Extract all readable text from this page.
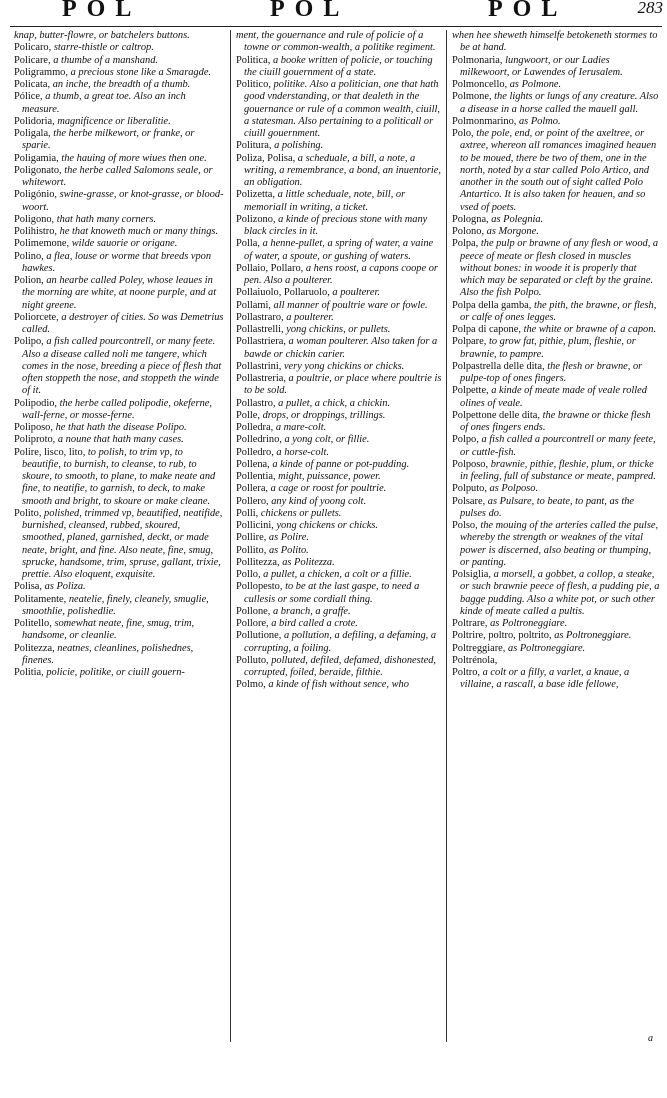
POL	POL	POL	283

knap, butter-flowre, or batchelers buttons.

Policaro, starre-thistle or caltrop.

Policare, a thumbe of a manshand.

Poligrammo, a precious stone like a Smaragde.

Policata, an inche, the breadth of a thumb.

Pólice, a thumb, a great toe. Also an inch measure.

Polidoria, magnificence or liberalitie.

Poligala, the herbe milkewort, or franke, or sparie.

Poligamia, the hauing of more wiues then one.

Poligonato, the herbe called Salomons seale, or whitewort.

Poligónio, swine-grasse, or knot-grasse, or blood-woort.

Poligono, that hath many corners.

Polihistro, he that knoweth much or many things.

Polimemone, wilde sauorie or origane.

Polino, a flea, louse or worme that breeds vpon hawkes.

Polion, an hearbe called Poley, whose leaues in the morning are white, at noone purple, and at night greene.

Poliorcete, a destroyer of cities. So was Demetrius called.

Polipo, a fish called pourcontrell, or many feete. Also a disease called noli me tangere, which comes in the nose, breeding a piece of flesh that often stoppeth the nose, and stoppeth the winde of it.

Polipodio, the herbe called polipodie, okeferne, wall-ferne, or mosse-ferne.

Poliposo, he that hath the disease Polipo.

Poliproto, a noune that hath many cases.

Polire, lisco, lito, to polish, to trim vp, to beautifie, to burnish, to cleanse, to rub, to skoure, to smooth, to plane, to make neate and fine, to neatifie, to garnish, to deck, to make smooth and bright, to skoure or make cleane.

Polito, polished, trimmed vp, beautified, neatifide, burnished, cleansed, rubbed, skoured, smoothed, planed, garnished, deckt, or made neate, bright, and fine. Also neate, fine, smug, sprucke, handsome, trim, spruse, gallant, trixie, prettie. Also eloquent, exquisite.

Polisa, as Poliza.

Politamente, neatelie, finely, cleanely, smuglie, smoothlie, polishedlie.

Politello, somewhat neate, fine, smug, trim, handsome, or cleanlie.

Politezza, neatnes, cleanlines, polishednes, finenes.

Politia, policie, politike, or ciuill gouern-

ment, the gouernance and rule of policie of a towne or common-wealth, a politike regiment.

Politica, a booke written of policie, or touching the ciuill gouernment of a state.

Politico, politike. Also a politician, one that hath good vnderstanding, or that dealeth in the gouernance or rule of a common wealth, ciuill, a statesman. Also pertaining to a politicall or ciuill gouernment.

Politura, a polishing.

Poliza, Polisa, a scheduale, a bill, a note, a writing, a remembrance, a bond, an inuentorie, an obligation.

Polizetta, a little scheduale, note, bill, or memoriall in writing, a ticket.

Polizono, a kinde of precious stone with many black circles in it.

Polla, a henne-pullet, a spring of water, a vaine of water, a spoute, or gushing of waters.

Pollaio, Pollaro, a hens roost, a capons coope or pen. Also a poulterer.

Pollaiuolo, Pollaruolo, a poulterer.

Pollami, all manner of poultrie ware or fowle.

Pollastraro, a poulterer.

Pollastrelli, yong chickins, or pullets.

Pollastriera, a woman poulterer. Also taken for a bawde or chickin carier.

Pollastrini, very yong chickins or chicks.

Pollastreria, a poultrie, or place where poultrie is to be sold.

Pollastro, a pullet, a chick, a chickin.

Polle, drops, or droppings, trillings.

Polledra, a mare-colt.

Polledrino, a yong colt, or fillie.

Polledro, a horse-colt.

Pollenа, a kinde of panne or pot-pudding.

Pollentia, might, puissance, power.

Pollera, a cage or roost for poultrie.

Pollero, any kind of yoong colt.

Polli, chickens or pullets.

Pollicini, yong chickens or chicks.

Pollire, as Polire.

Pollito, as Polito.

Pollitezza, as Politezza.

Pollo, a pullet, a chicken, a colt or a fillie.

Pollopesto, to be at the last gaspe, to need a cullesis or some cordiall thing.

Pollone, a branch, a graffe.

Pollore, a bird called a crote.

Pollutione, a pollution, a defiling, a defaming, a corrupting, a foiling.

Polluto, polluted, defiled, defamed, dishonested, corrupted, foiled, beraide, filthie.

Polmo, a kinde of fish without sence, who

when hee sheweth himselfe betokeneth stormes to be at hand.

Polmonaria, lungwoort, or our Ladies milkewoort, or Lawendes of Ierusalem.

Polmoncello, as Polmone.

Polmone, the lights or lungs of any creature. Also a disease in a horse called the mauell gall.

Polmonmarino, as Polmo.

Polo, the pole, end, or point of the axeltree, or axtree, whereon all romances imagined heauen to be moued, there be two of them, one in the north, noted by a star called Polo Artico, and another in the south out of sight called Polo Antartico. It is also taken for heauen, and so vsed of poets.

Pologna, as Polegnia.

Polono, as Morgone.

Polpa, the pulp or brawne of any flesh or wood, a peece of meate or flesh closed in muscles without bones: in woode it is properly that which may be separated or cleft by the graine. Also the fish Polpo.

Polpa della gamba, the pith, the brawne, or flesh, or calfe of ones legges.

Polpa di capone, the white or brawne of a capon.

Polpare, to grow fat, pithie, plum, fleshie, or brawnie, to pampre.

Polpastrella delle dita, the flesh or brawne, or pulpe-top of ones fingers.

Polpette, a kinde of meate made of veale rolled olines of veale.

Polpettone delle dita, the brawne or thicke flesh of ones fingers ends.

Polpo, a fish called a pourcontrell or many feete, or cuttle-fish.

Polposo, brawnie, pithie, fleshie, plum, or thicke in feeling, full of substance or meate, pampred.

Polputo, as Polposo.

Polsare, as Pulsare, to beate, to pant, as the pulses do.

Polso, the mouing of the arteries called the pulse, whereby the strength or weaknes of the vital power is discerned, also beating or thumping, or panting.

Polsiglia, a morsell, a gobbet, a collop, a steake, or such brawnie peece of flesh, a pudding pie, a bagge pudding. Also a white pot, or such other kinde of meate called a pultis.

Poltrare, as Poltroneggiare.

Poltrire, poltro, poltrito, as Poltroneggiare.

Poltreggiare, as Poltroneggiare.

Poltrénola,

Poltro, a colt or a filly, a varlet, a knaue, a villaine, a rascall, a base idle fellowe,

a
